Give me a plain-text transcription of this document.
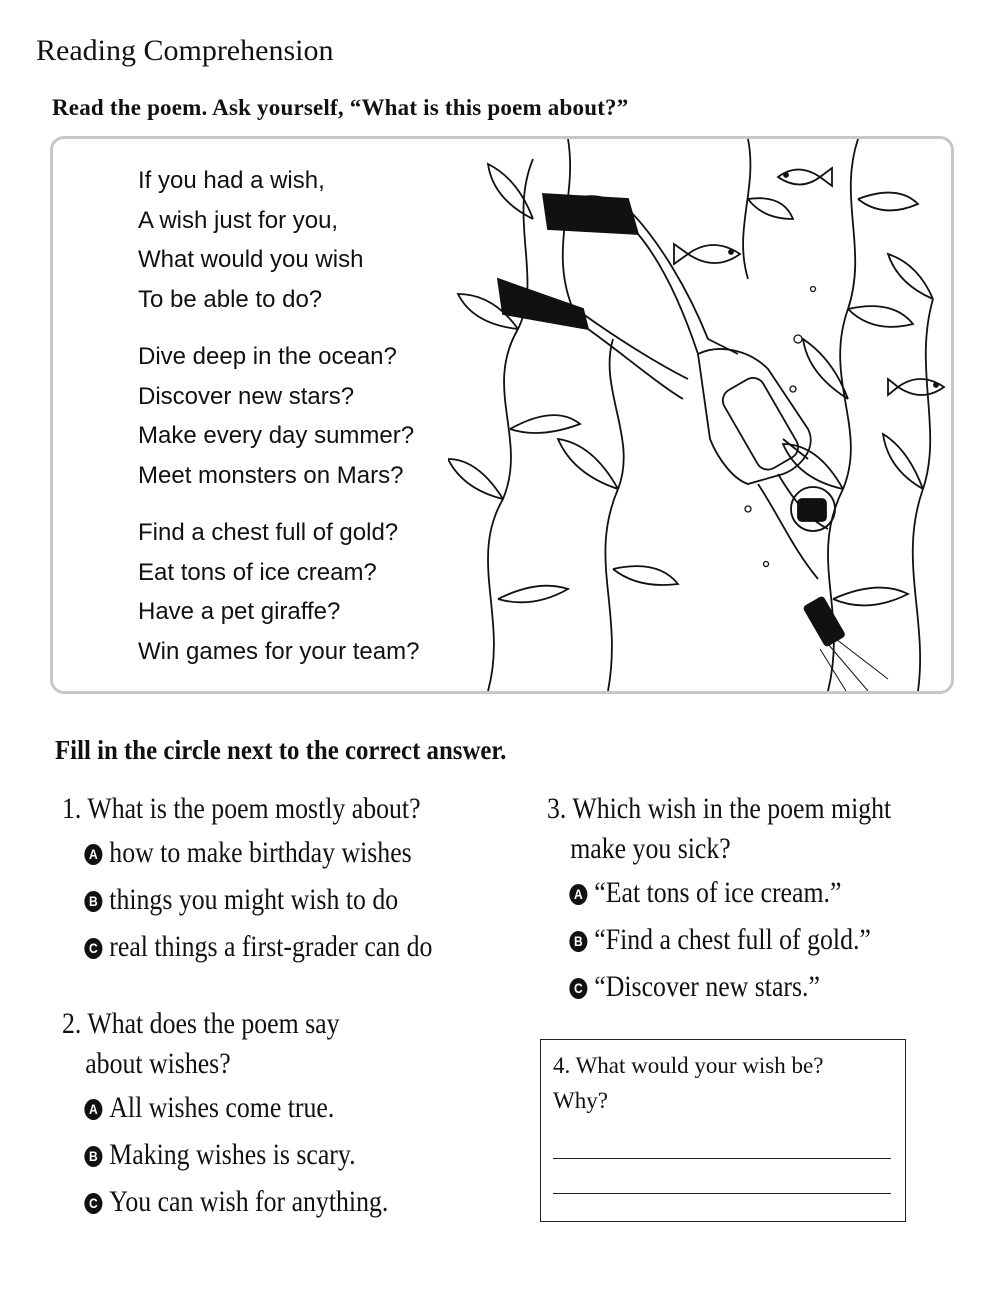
Reading Comprehension
Read the poem. Ask yourself, “What is this poem about?”
If you had a wish,
A wish just for you,
What would you wish
To be able to do?
Dive deep in the ocean?
Discover new stars?
Make every day summer?
Meet monsters on Mars?
Find a chest full of gold?
Eat tons of ice cream?
Have a pet giraffe?
Win games for your team?
Fill in the circle next to the correct answer.
1. What is the poem mostly about?
A how to make birthday wishes
B things you might wish to do
C real things a first-grader can do
2. What does the poem say
about wishes?
A All wishes come true.
B Making wishes is scary.
C You can wish for anything.
3. Which wish in the poem might
make you sick?
A “Eat tons of ice cream.”
B “Find a chest full of gold.”
C “Discover new stars.”
4. What would your wish be?
Why?
